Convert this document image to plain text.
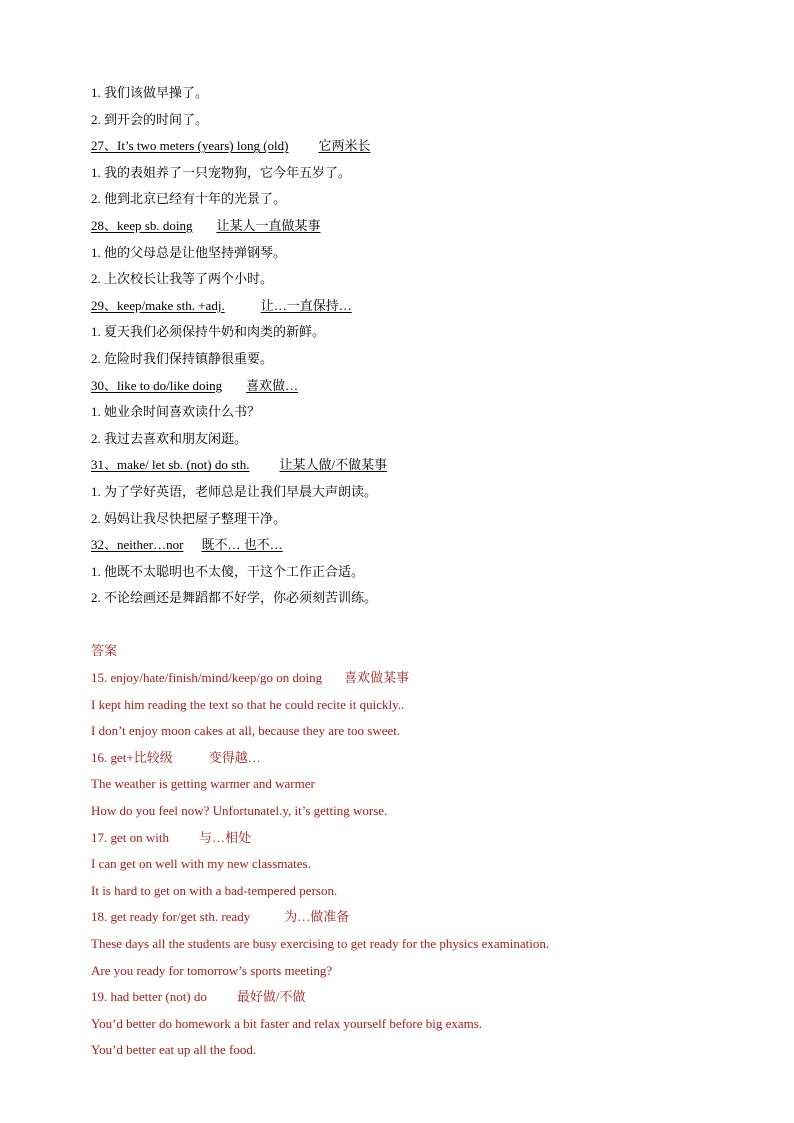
1. 我们该做早操了。
2. 到开会的时间了。
27、It’s two meters (years) long (old) 它两米长
1. 我的表姐养了一只宠物狗，它今年五岁了。
2. 他到北京已经有十年的光景了。
28、keep sb. doing 让某人一直做某事
1. 他的父母总是让他坚持弹钢琴。
2. 上次校长让我等了两个小时。
29、keep/make sth. +adj.	让…一直保持…
1. 夏天我们必须保持牛奶和肉类的新鲜。
2. 危险时我们保持镇静很重要。
30、like to do/like doing 喜欢做…
1. 她业余时间喜欢读什么书？
2. 我过去喜欢和朋友闲逛。
31、make/ let sb. (not) do sth. 让某人做/不做某事
1. 为了学好英语，老师总是让我们早晨大声朗读。
2. 妈妈让我尽快把屋子整理干净。
32、neither…nor 既不… 也不…
1. 他既不太聪明也不太傻，干这个工作正合适。
2. 不论绘画还是舞蹈都不好学，你必须刻苦训练。
答案
15. enjoy/hate/finish/mind/keep/go on doing 喜欢做某事
I kept him reading the text so that he could recite it quickly..
I don’t enjoy moon cakes at all, because they are too sweet.
16. get+比较级	变得越…
The weather is getting warmer and warmer
How do you feel now? Unfortunatel.y, it’s getting worse.
17. get on with 与…相处
I can get on well with my new classmates.
It is hard to get on with a bad-tempered person.
18. get ready for/get sth. ready	为…做准备
These days all the students are busy exercising to get ready for the physics examination.
Are you ready for tomorrow’s sports meeting?
19. had better (not) do 最好做/不做
You’d better do homework a bit faster and relax yourself before big exams.
You’d better eat up all the food.
